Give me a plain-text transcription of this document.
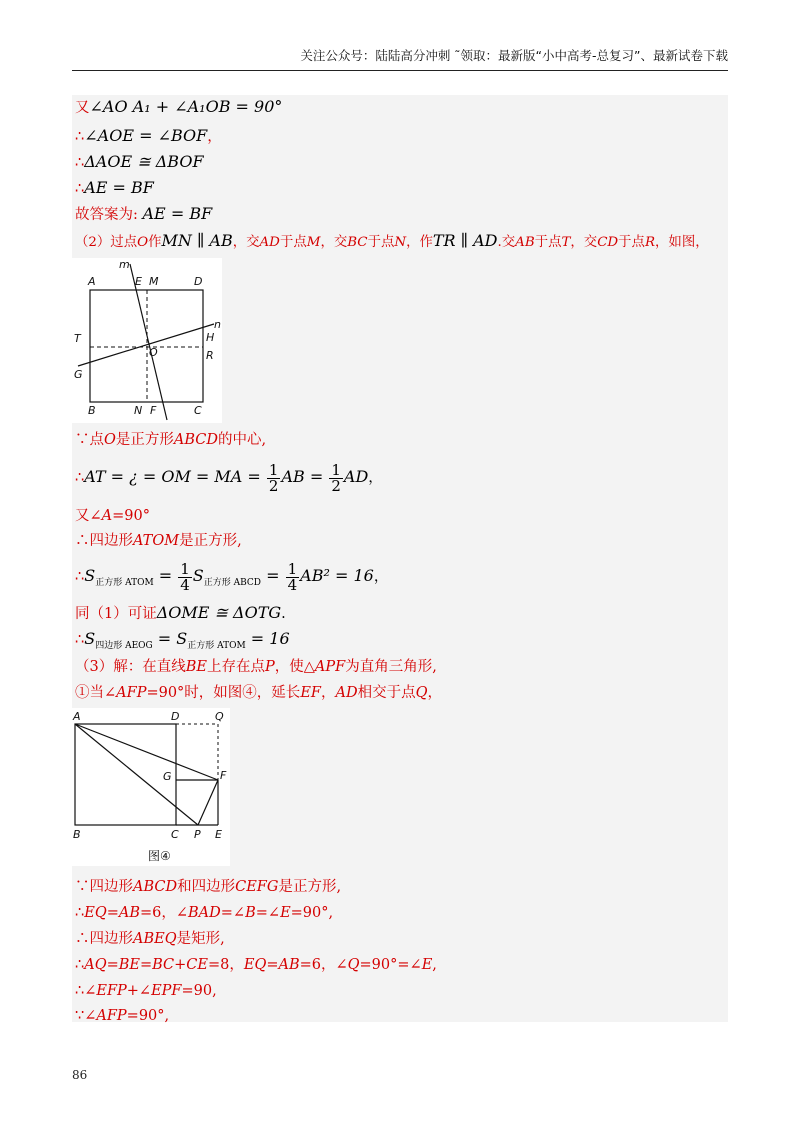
关注公众号：陆陆高分冲刺 ˜领取：最新版“小中高考-总复习”、最新试卷下载
又∠AO A₁ + ∠A₁OB = 90°
∴∠AOE = ∠BOF，
∴ΔAOE ≅ ΔBOF
∴AE = BF
故答案为: AE = BF
（2）过点O作MN ∥ AB，交AD于点M，交BC于点N，作TR ∥ AD.交AB于点T，交CD于点R，如图，
m
A	E M	D
n
T
O
H
R
G
B	N F	C
∵点O是正方形ABCD的中心,
∴AT = ¿ = OM = MA = $\frac{1}{2}$ AB = $\frac{1}{2}$ AD，
又∠A=90°
∴四边形ATOM是正方形,
$\therefore S_{正方形 ATOM} = \frac{1}{4} S_{正方形 ABCD} = \frac{1}{4} AB^2 = 16$，
同（1）可证ΔOME ≅ ΔOTG.
$\therefore S_{四边形 AEOG} = S_{正方形 ATOM} = 16$
（3）解：在直线BE上存在点P，使△APF为直角三角形,
①当∠AFP=90°时，如图④，延长EF，AD相交于点Q，
A	D	Q
G	F
B	C P E
图④
∵四边形ABCD和四边形CEFG是正方形,
∴EQ=AB=6，∠BAD=∠B=∠E=90°,
∴四边形ABEQ是矩形,
∴AQ=BE=BC+CE=8，EQ=AB=6，∠Q=90°=∠E,
∴∠EFP+∠EPF=90,
∵∠AFP=90°,
86
